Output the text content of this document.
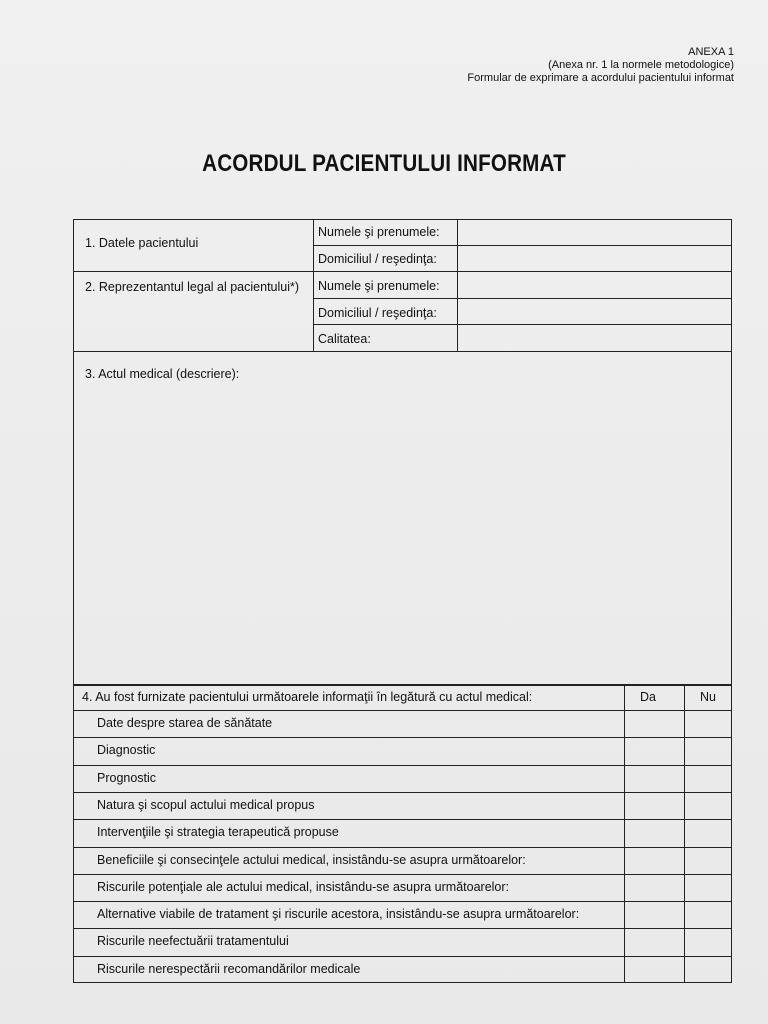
ANEXA 1
(Anexa nr. 1 la normele metodologice)
Formular de exprimare a acordului pacientului informat
ACORDUL PACIENTULUI INFORMAT
1. Datele pacientului
Numele şi prenumele:
Domiciliul / reşedinţa:
2. Reprezentantul legal al pacientului*) Numele şi prenumele:
Domiciliul / reşedinţa:
Calitatea:
3. Actul medical (descriere):
4. Au fost furnizate pacientului următoarele informaţii în legătură cu actul medical:	Da	Nu
Date despre starea de sănătate
Diagnostic
Prognostic
Natura şi scopul actului medical propus
Intervenţiile şi strategia terapeutică propuse
Beneficiile şi consecinţele actului medical, insistându-se asupra următoarelor:
Riscurile potenţiale ale actului medical, insistându-se asupra următoarelor:
Alternative viabile de tratament şi riscurile acestora, insistându-se asupra următoarelor:
Riscurile neefectuării tratamentului
Riscurile nerespectării recomandărilor medicale
